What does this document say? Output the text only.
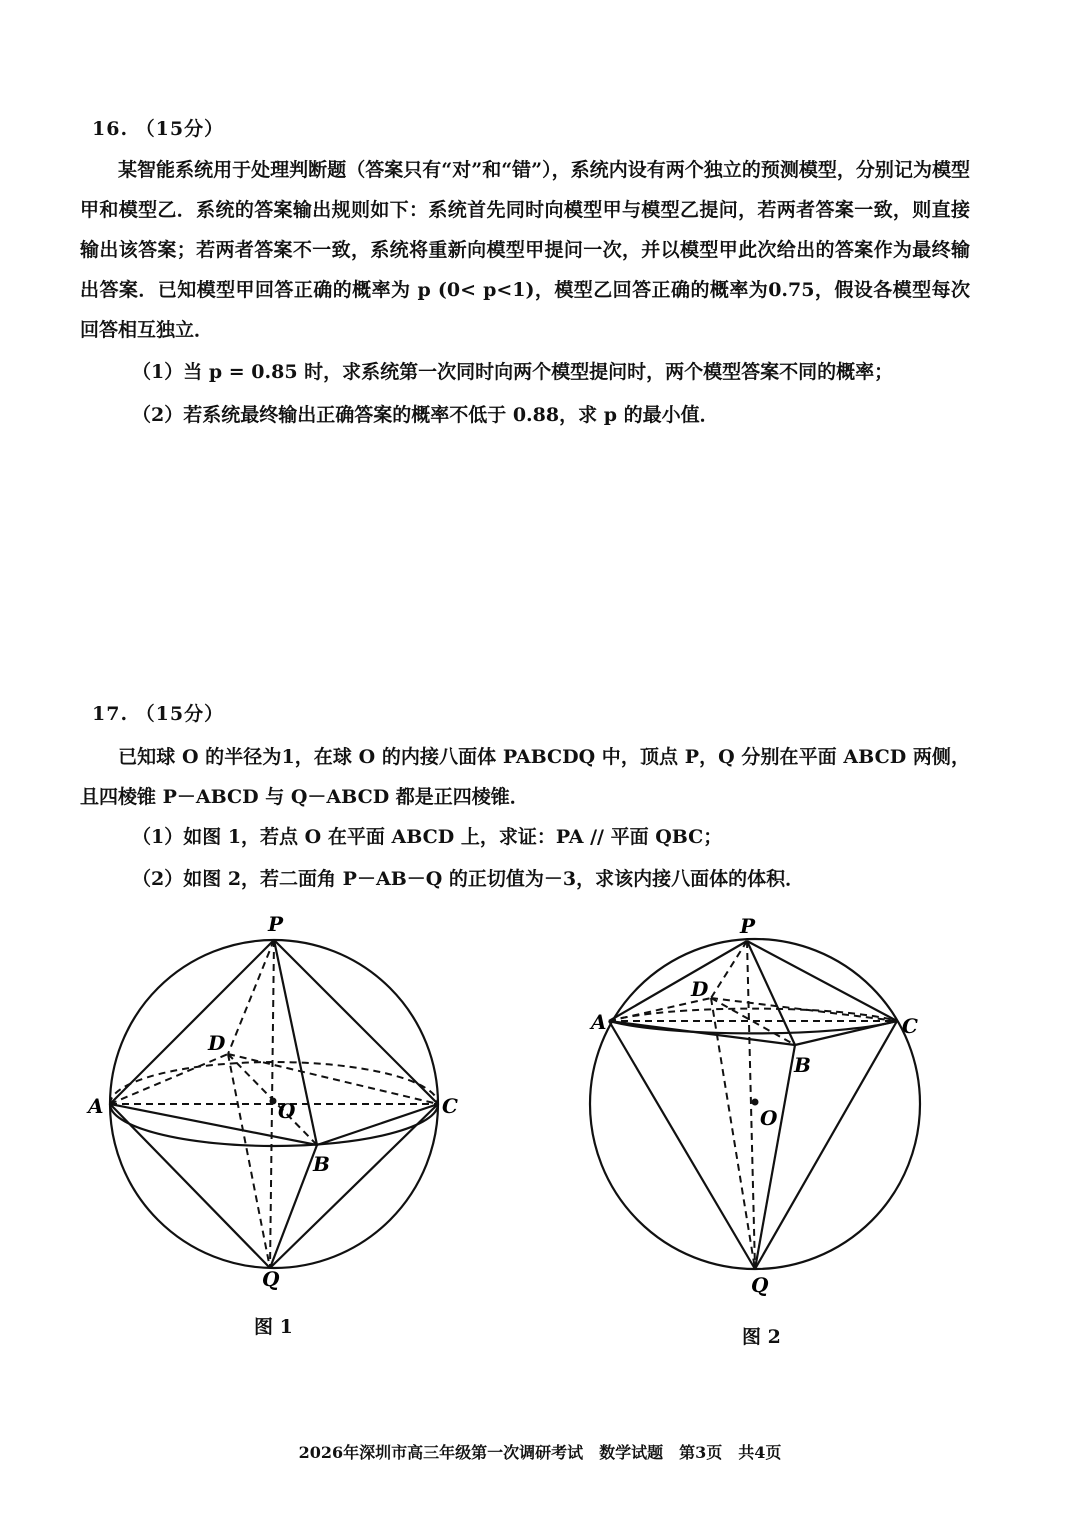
16. （15分）
某智能系统用于处理判断题（答案只有“对”和“错”），系统内设有两个独立的预测模型，分别记为模型甲和模型乙．系统的答案输出规则如下：系统首先同时向模型甲与模型乙提问，若两者答案一致，则直接输出该答案；若两者答案不一致，系统将重新向模型甲提问一次，并以模型甲此次给出的答案作为最终输出答案．已知模型甲回答正确的概率为 p (0< p<1)，模型乙回答正确的概率为0.75，假设各模型每次回答相互独立．
（1）当 p = 0.85 时，求系统第一次同时向两个模型提问时，两个模型答案不同的概率；
（2）若系统最终输出正确答案的概率不低于 0.88，求 p 的最小值．
17. （15分）
已知球 O 的半径为1，在球 O 的内接八面体 PABCDQ 中，顶点 P，Q 分别在平面 ABCD 两侧，且四棱锥 P－ABCD 与 Q－ABCD 都是正四棱锥．
（1）如图 1，若点 O 在平面 ABCD 上，求证：PA // 平面 QBC；
（2）如图 2，若二面角 P－AB－Q 的正切值为－3，求该内接八面体的体积．
P
A
D
C
O
B
Q
图 1
P
A
D
C
B
O
Q
图 2
2026年深圳市高三年级第一次调研考试　数学试题　第3页　共4页
